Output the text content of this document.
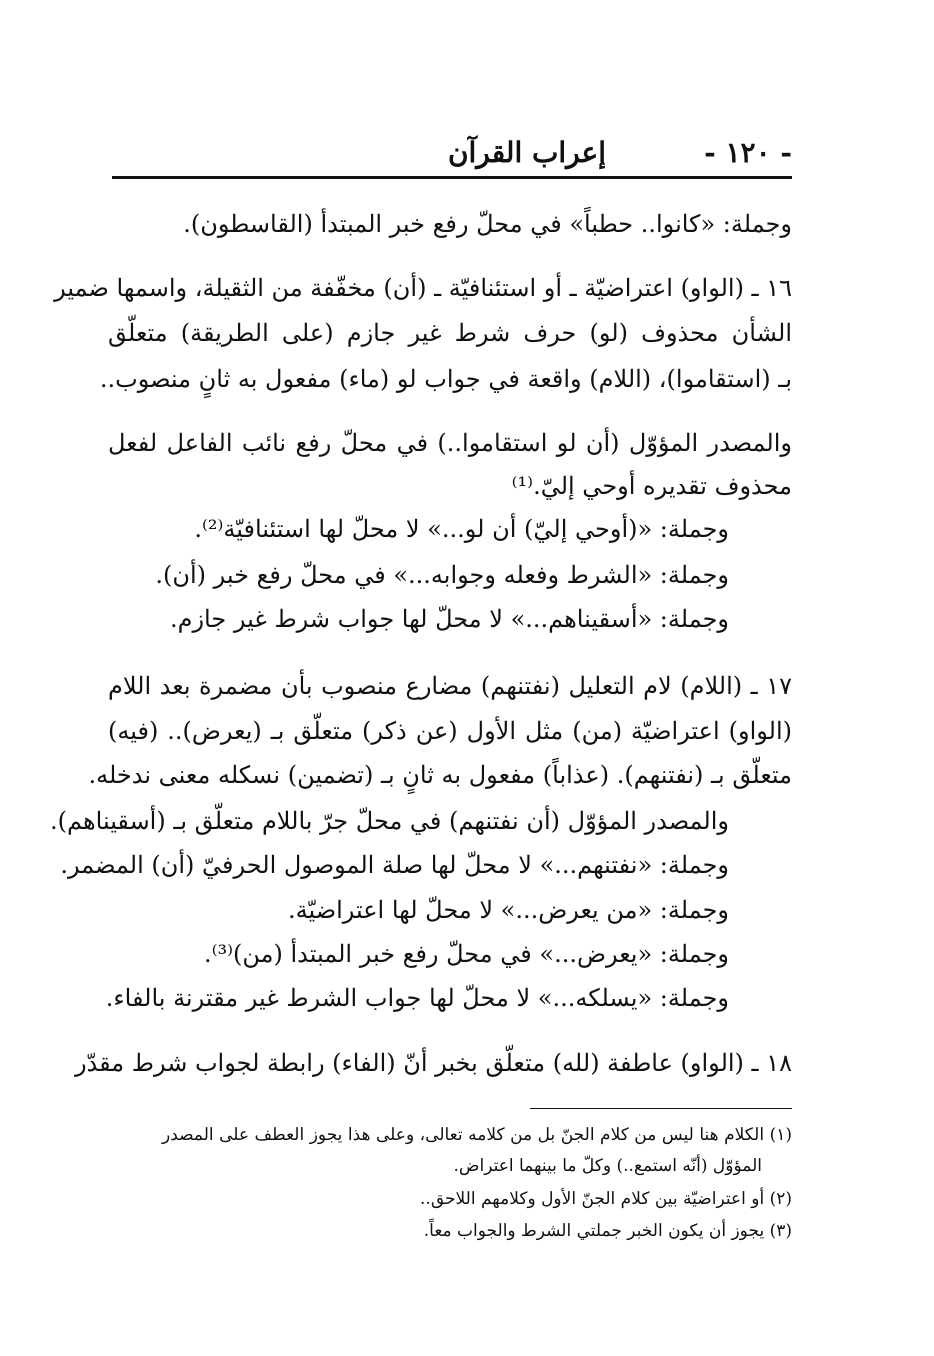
- ١٢٠ -
إعراب القرآن
وجملة: «كانوا.. حطباً» في محلّ رفع خبر المبتدأ (القاسطون).
١٦ ـ (الواو) اعتراضيّة ـ أو استئنافيّة ـ (أن) مخفّفة من الثقيلة، واسمها ضمير
الشأن محذوف (لو) حرف شرط غير جازم (على الطريقة) متعلّق
بـ (استقاموا)، (اللام) واقعة في جواب لو (ماء) مفعول به ثانٍ منصوب..
والمصدر المؤوّل (أن لو استقاموا..) في محلّ رفع نائب الفاعل لفعل
محذوف تقديره أوحي إليّ.⁽¹⁾
وجملة: «(أوحي إليّ) أن لو...» لا محلّ لها استئنافيّة⁽²⁾.
وجملة: «الشرط وفعله وجوابه...» في محلّ رفع خبر (أن).
وجملة: «أسقيناهم...» لا محلّ لها جواب شرط غير جازم.
١٧ ـ (اللام) لام التعليل (نفتنهم) مضارع منصوب بأن مضمرة بعد اللام
(الواو) اعتراضيّة (من) مثل الأول (عن ذكر) متعلّق بـ (يعرض).. (فيه)
متعلّق بـ (نفتنهم). (عذاباً) مفعول به ثانٍ بـ (تضمين) نسكله معنى ندخله.
والمصدر المؤوّل (أن نفتنهم) في محلّ جرّ باللام متعلّق بـ (أسقيناهم).
وجملة: «نفتنهم...» لا محلّ لها صلة الموصول الحرفيّ (أن) المضمر.
وجملة: «من يعرض...» لا محلّ لها اعتراضيّة.
وجملة: «يعرض...» في محلّ رفع خبر المبتدأ (من)⁽³⁾.
وجملة: «يسلكه...» لا محلّ لها جواب الشرط غير مقترنة بالفاء.
١٨ ـ (الواو) عاطفة (لله) متعلّق بخبر أنّ (الفاء) رابطة لجواب شرط مقدّر
(١) الكلام هنا ليس من كلام الجنّ بل من كلامه تعالى، وعلى هذا يجوز العطف على المصدر
المؤوّل (أنّه استمع..) وكلّ ما بينهما اعتراض.
(٢) أو اعتراضيّة بين كلام الجنّ الأول وكلامهم اللاحق..
(٣) يجوز أن يكون الخبر جملتي الشرط والجواب معاً.
